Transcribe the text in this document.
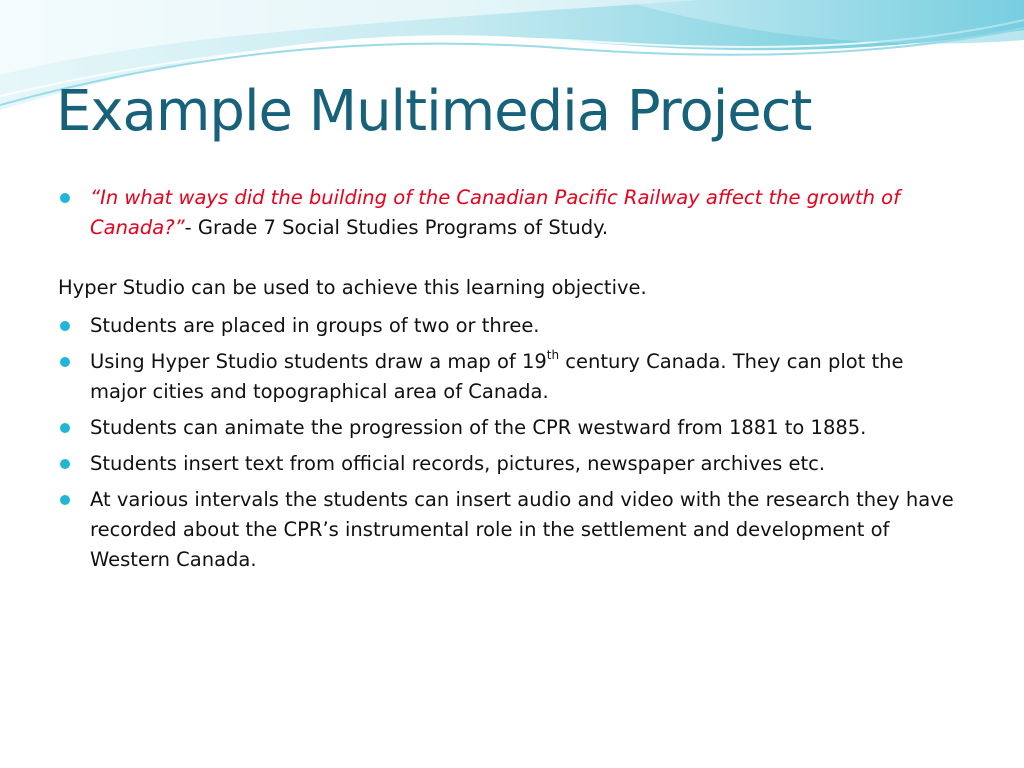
Example Multimedia Project
“In what ways did the building of the Canadian Pacific Railway affect the growth of Canada?”- Grade 7 Social Studies Programs of Study.
Hyper Studio can be used to achieve this learning objective.
Students are placed in groups of two or three.
Using Hyper Studio students draw a map of 19th century Canada. They can plot the major cities and topographical area of Canada.
Students can animate the progression of the CPR westward from 1881 to 1885.
Students insert text from official records, pictures, newspaper archives etc.
At various intervals the students can insert audio and video with the research they have recorded about the CPR’s instrumental role in the settlement and development of Western Canada.
